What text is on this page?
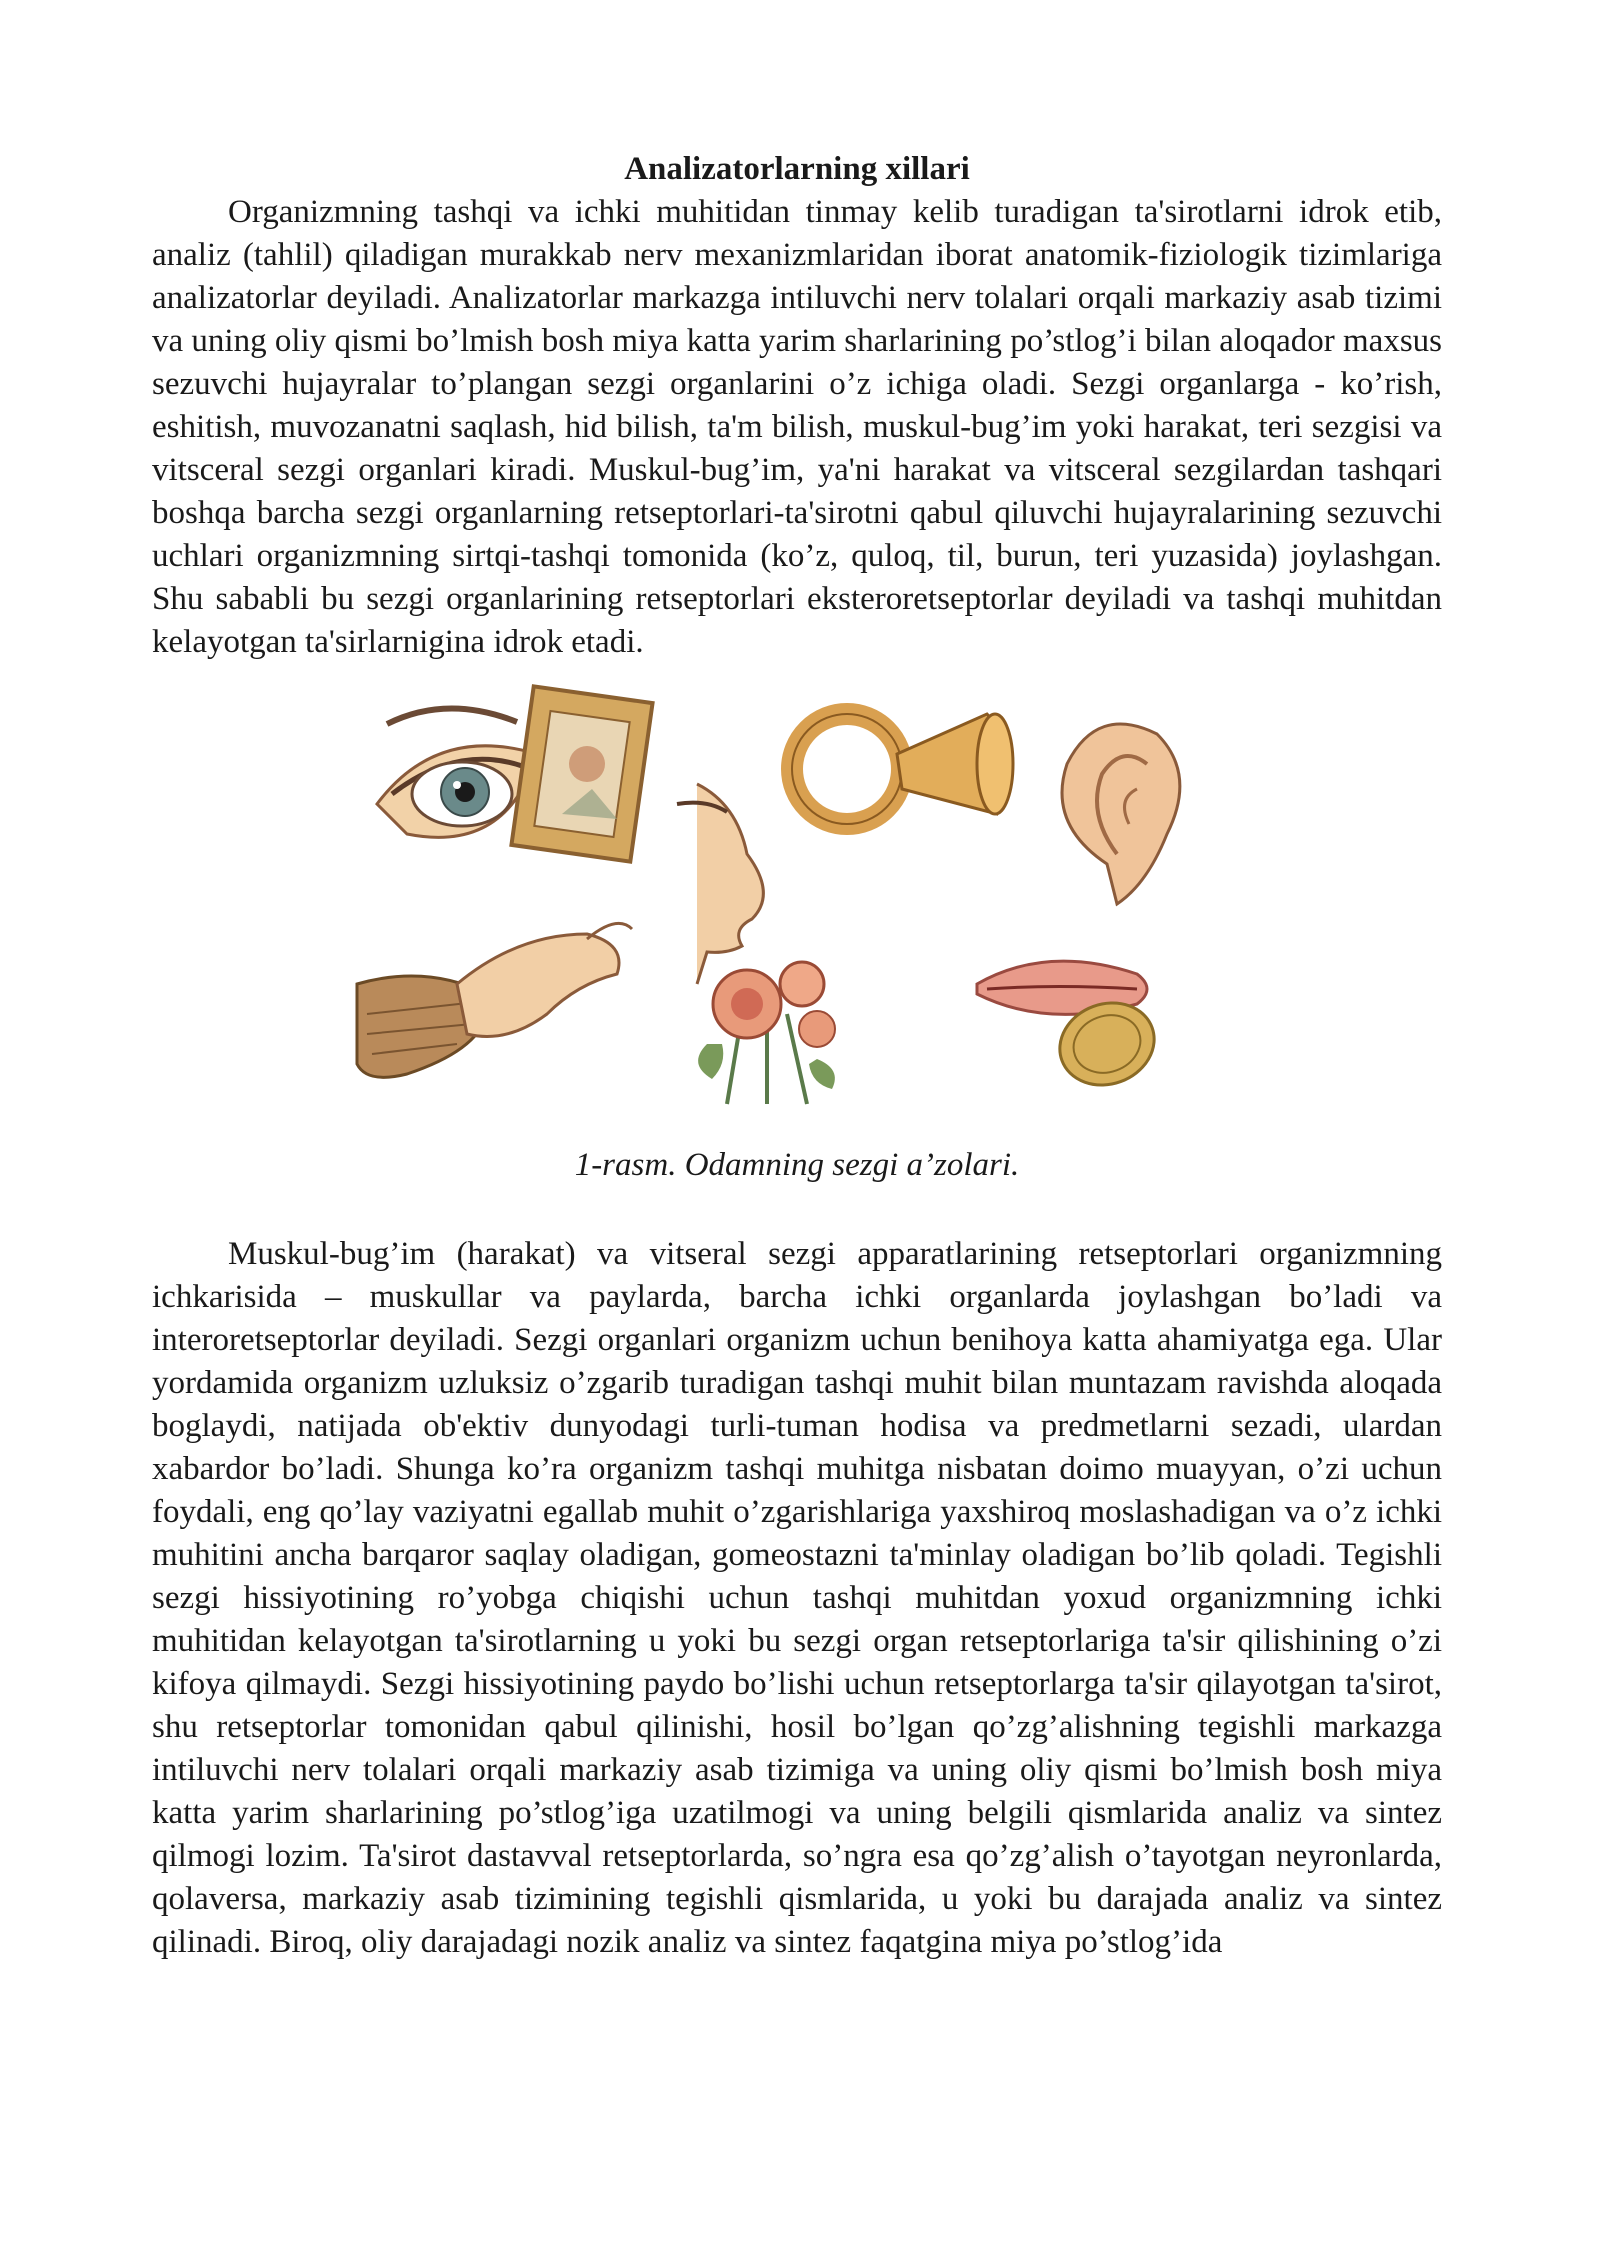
Analizatorlarning xillari

Organizmning tashqi va ichki muhitidan tinmay kelib turadigan ta'sirotlarni idrok etib, analiz (tahlil) qiladigan murakkab nerv mexanizmlaridan iborat anatomik-fiziologik tizimlariga analizatorlar deyiladi. Analizatorlar markazga intiluvchi nerv tolalari orqali markaziy asab tizimi va uning oliy qismi bo’lmish bosh miya katta yarim sharlarining po’stlog’i bilan aloqador maxsus sezuvchi hujayralar to’plangan sezgi organlarini o’z ichiga oladi. Sezgi organlarga - ko’rish, eshitish, muvozanatni saqlash, hid bilish, ta'm bilish, muskul-bug’im yoki harakat, teri sezgisi va vitsceral sezgi organlari kiradi. Muskul-bug’im, ya'ni harakat va vitsceral sezgilardan tashqari boshqa barcha sezgi organlarning retseptorlari-ta'sirotni qabul qiluvchi hujayralarining sezuvchi uchlari organizmning sirtqi-tashqi tomonida (ko’z, quloq, til, burun, teri yuzasida) joylashgan. Shu sababli bu sezgi organlarining retseptorlari eksteroretseptorlar deyiladi va tashqi muhitdan kelayotgan ta'sirlarnigina idrok etadi.

1-rasm. Odamning sezgi a’zolari.

Muskul-bug’im (harakat) va vitseral sezgi apparatlarining retseptorlari organizmning ichkarisida – muskullar va paylarda, barcha ichki organlarda joylashgan bo’ladi va interoretseptorlar deyiladi. Sezgi organlari organizm uchun benihoya katta ahamiyatga ega. Ular yordamida organizm uzluksiz o’zgarib turadigan tashqi muhit bilan muntazam ravishda aloqada boglaydi, natijada ob'ektiv dunyodagi turli-tuman hodisa va predmetlarni sezadi, ulardan xabardor bo’ladi. Shunga ko’ra organizm tashqi muhitga nisbatan doimo muayyan, o’zi uchun foydali, eng qo’lay vaziyatni egallab muhit o’zgarishlariga yaxshiroq moslashadigan va o’z ichki muhitini ancha barqaror saqlay oladigan, gomeostazni ta'minlay oladigan bo’lib qoladi. Tegishli sezgi hissiyotining ro’yobga chiqishi uchun tashqi muhitdan yoxud organizmning ichki muhitidan kelayotgan ta'sirotlarning u yoki bu sezgi organ retseptorlariga ta'sir qilishining o’zi kifoya qilmaydi. Sezgi hissiyotining paydo bo’lishi uchun retseptorlarga ta'sir qilayotgan ta'sirot, shu retseptorlar tomonidan qabul qilinishi, hosil bo’lgan qo’zg’alishning tegishli markazga intiluvchi nerv tolalari orqali markaziy asab tizimiga va uning oliy qismi bo’lmish bosh miya katta yarim sharlarining po’stlog’iga uzatilmogi va uning belgili qismlarida analiz va sintez qilmogi lozim. Ta'sirot dastavval retseptorlarda, so’ngra esa qo’zg’alish o’tayotgan neyronlarda, qolaversa, markaziy asab tizimining tegishli qismlarida, u yoki bu darajada analiz va sintez qilinadi. Biroq, oliy darajadagi nozik analiz va sintez faqatgina miya po’stlog’ida
